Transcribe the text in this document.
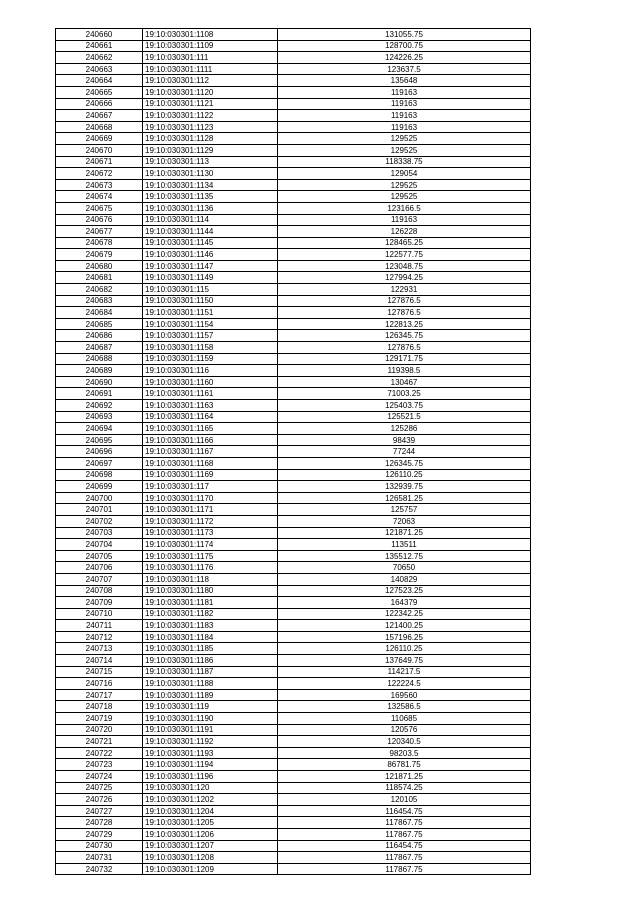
240660	19:10:030301:1108	131055.75
240661	19:10:030301:1109	128700.75
240662	19:10:030301:111	124226.25
240663	19:10:030301:1111	123637.5
240664	19:10:030301:112	135648
240665	19:10:030301:1120	119163
240666	19:10:030301:1121	119163
240667	19:10:030301:1122	119163
240668	19:10:030301:1123	119163
240669	19:10:030301:1128	129525
240670	19:10:030301:1129	129525
240671	19:10:030301:113	118338.75
240672	19:10:030301:1130	129054
240673	19:10:030301:1134	129525
240674	19:10:030301:1135	129525
240675	19:10:030301:1136	123166.5
240676	19:10:030301:114	119163
240677	19:10:030301:1144	126228
240678	19:10:030301:1145	128465.25
240679	19:10:030301:1146	122577.75
240680	19:10:030301:1147	123048.75
240681	19:10:030301:1149	127994.25
240682	19:10:030301:115	122931
240683	19:10:030301:1150	127876.5
240684	19:10:030301:1151	127876.5
240685	19:10:030301:1154	122813.25
240686	19:10:030301:1157	126345.75
240687	19:10:030301:1158	127876.5
240688	19:10:030301:1159	129171.75
240689	19:10:030301:116	119398.5
240690	19:10:030301:1160	130467
240691	19:10:030301:1161	71003.25
240692	19:10:030301:1163	125403.75
240693	19:10:030301:1164	125521.5
240694	19:10:030301:1165	125286
240695	19:10:030301:1166	98439
240696	19:10:030301:1167	77244
240697	19:10:030301:1168	126345.75
240698	19:10:030301:1169	126110.25
240699	19:10:030301:117	132939.75
240700	19:10:030301:1170	126581.25
240701	19:10:030301:1171	125757
240702	19:10:030301:1172	72063
240703	19:10:030301:1173	121871.25
240704	19:10:030301:1174	113511
240705	19:10:030301:1175	135512.75
240706	19:10:030301:1176	70650
240707	19:10:030301:118	140829
240708	19:10:030301:1180	127523.25
240709	19:10:030301:1181	164379
240710	19:10:030301:1182	122342.25
240711	19:10:030301:1183	121400.25
240712	19:10:030301:1184	157196.25
240713	19:10:030301:1185	126110.25
240714	19:10:030301:1186	137649.75
240715	19:10:030301:1187	114217.5
240716	19:10:030301:1188	122224.5
240717	19:10:030301:1189	169560
240718	19:10:030301:119	132586.5
240719	19:10:030301:1190	110685
240720	19:10:030301:1191	120576
240721	19:10:030301:1192	120340.5
240722	19:10:030301:1193	98203.5
240723	19:10:030301:1194	86781.75
240724	19:10:030301:1196	121871.25
240725	19:10:030301:120	118574.25
240726	19:10:030301:1202	120105
240727	19:10:030301:1204	116454.75
240728	19:10:030301:1205	117867.75
240729	19:10:030301:1206	117867.75
240730	19:10:030301:1207	116454.75
240731	19:10:030301:1208	117867.75
240732	19:10:030301:1209	117867.75
